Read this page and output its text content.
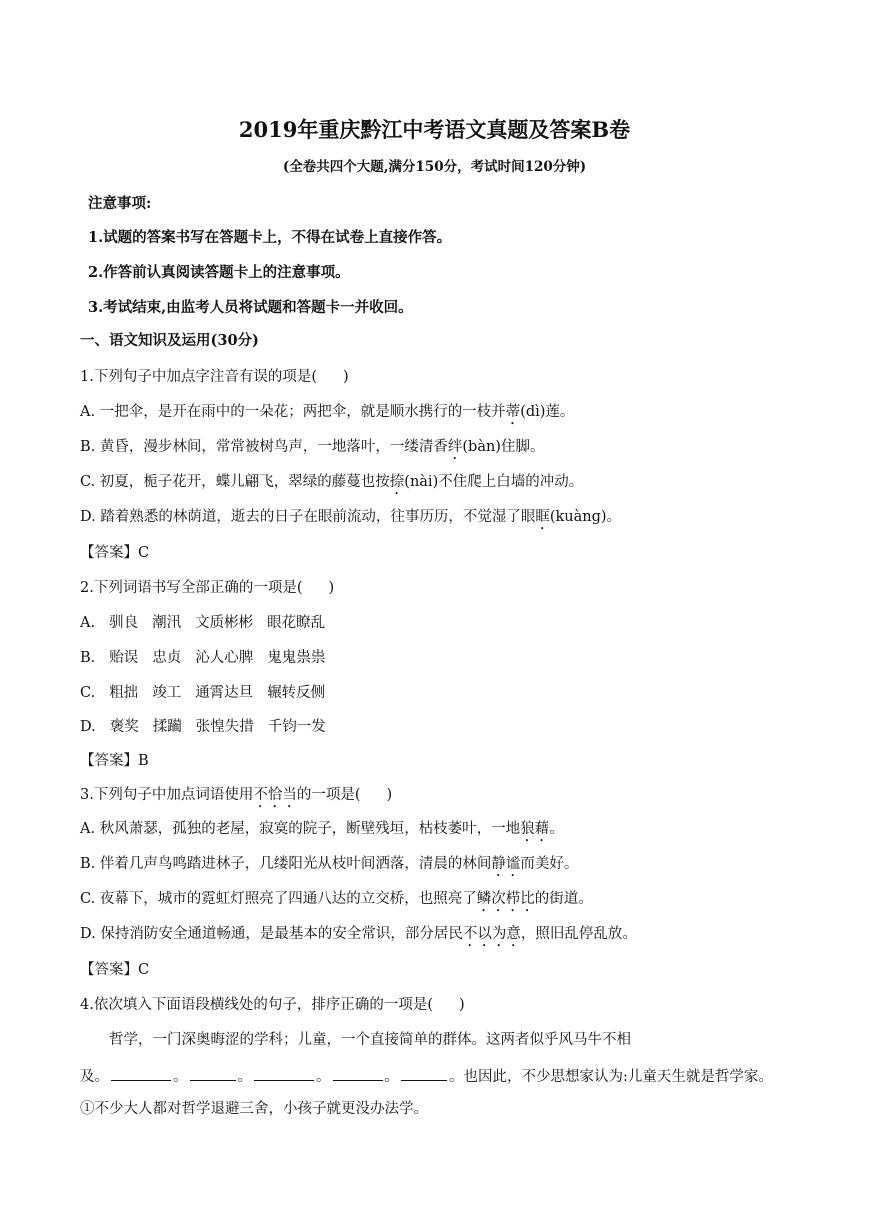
2019年重庆黔江中考语文真题及答案B卷
(全卷共四个大题,满分150分，考试时间120分钟)
注意事项:
1.试题的答案书写在答题卡上，不得在试卷上直接作答。
2.作答前认真阅读答题卡上的注意事项。
3.考试结束,由监考人员将试题和答题卡一并收回。
一、语文知识及运用(30分)
1.下列句子中加点字注音有误的项是( )
A. 一把伞，是开在雨中的一朵花；两把伞，就是顺水携行的一枝并蒂(dì)莲。
B. 黄昏，漫步林间，常常被树鸟声，一地落叶，一缕清香绊(bàn)住脚。
C. 初夏，栀子花开，蝶儿翩飞，翠绿的藤蔓也按捺(nài)不住爬上白墙的冲动。
D. 踏着熟悉的林荫道，逝去的日子在眼前流动，往事历历，不觉湿了眼眶(kuàng)。
【答案】C
2.下列词语书写全部正确的一项是( )
A. 驯良 潮汛 文质彬彬 眼花瞭乱
B. 贻误 忠贞 沁人心脾 鬼鬼祟祟
C. 粗拙 竣工 通霄达旦 辗转反侧
D. 褒奖 揉躏 张惶失措 千钧一发
【答案】B
3.下列句子中加点词语使用不恰当的一项是( )
A. 秋风萧瑟，孤独的老屋，寂寞的院子，断壁残垣，枯枝萎叶，一地狼藉。
B. 伴着几声鸟鸣踏进林子，几缕阳光从枝叶间洒落，清晨的林间静谧而美好。
C. 夜幕下，城市的霓虹灯照亮了四通八达的立交桥，也照亮了鳞次栉比的街道。
D. 保持消防安全通道畅通，是最基本的安全常识，部分居民不以为意，照旧乱停乱放。
【答案】C
4.依次填入下面语段横线处的句子，排序正确的一项是( )
哲学，一门深奥晦涩的学科；儿童，一个直接简单的群体。这两者似乎风马牛不相
及。	。	。	。	。	。也因此，不少思想家认为:儿童天生就是哲学家。
①不少大人都对哲学退避三舍，小孩子就更没办法学。
